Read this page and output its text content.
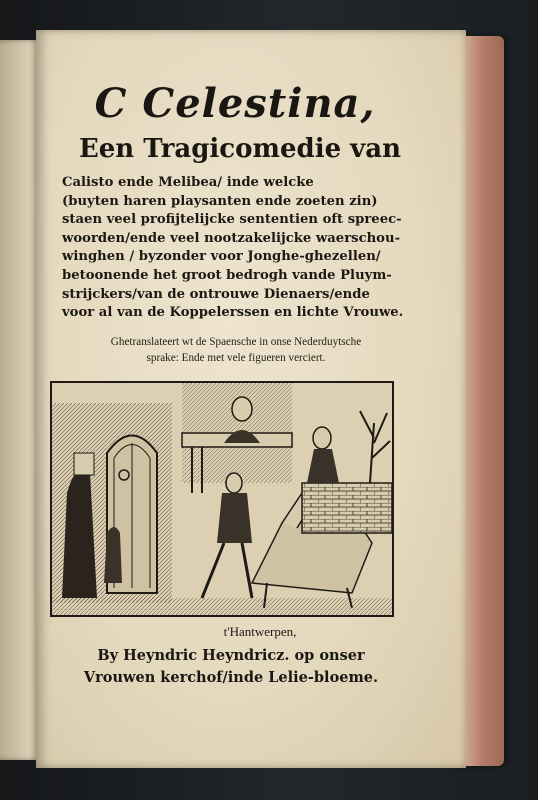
C Celestina,
Een Tragicomedie van
Calisto ende Melibea/ inde welcke
(buyten haren playsanten ende zoeten zin)
staen veel profijtelijcke sententien oft spreec-
woorden/ende veel nootzakelijcke waerschou-
winghen / byzonder voor Jonghe-ghezellen/
betoonende het groot bedrogh vande Pluym-
strijckers/van de ontrouwe Dienaers/ende
voor al van de Koppelerssen en lichte Vrouwe.
Ghetranslateert wt de Spaensche in onse Nederduytsche
sprake: Ende met vele figueren verciert.
t'Hantwerpen,
By Heyndric Heyndricz. op onser
Vrouwen kerchof/inde Lelie-bloeme.
